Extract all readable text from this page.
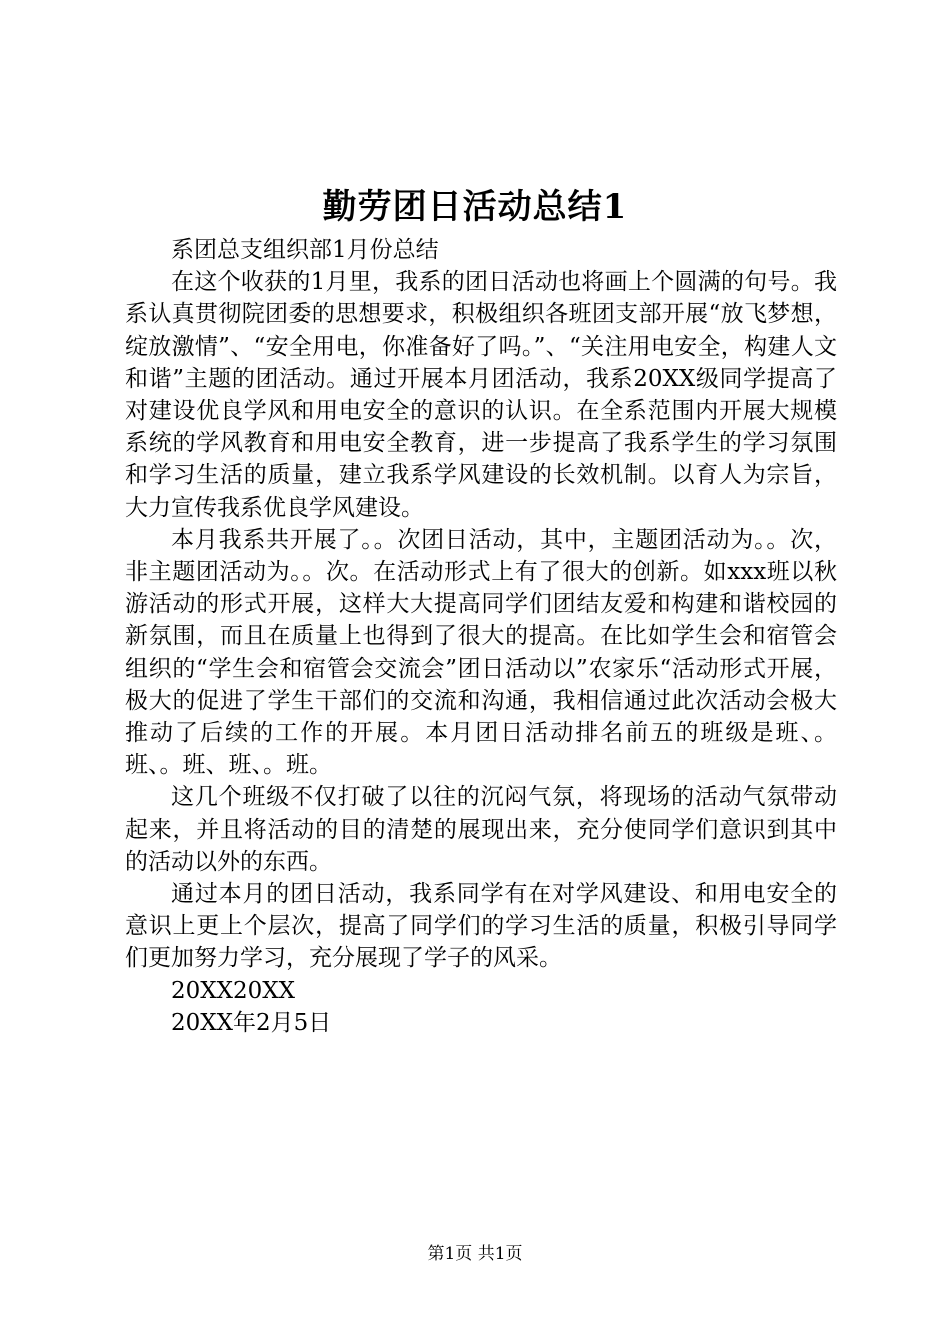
勤劳团日活动总结1

系团总支组织部1月份总结

在这个收获的1月里，我系的团日活动也将画上个圆满的句号。我系认真贯彻院团委的思想要求，积极组织各班团支部开展“放飞梦想，绽放激情”、“安全用电，你准备好了吗。”、“关注用电安全，构建人文和谐”主题的团活动。通过开展本月团活动，我系20XX级同学提高了对建设优良学风和用电安全的意识的认识。在全系范围内开展大规模系统的学风教育和用电安全教育，进一步提高了我系学生的学习氛围和学习生活的质量，建立我系学风建设的长效机制。以育人为宗旨，大力宣传我系优良学风建设。

本月我系共开展了。。次团日活动，其中，主题团活动为。。次，非主题团活动为。。次。在活动形式上有了很大的创新。如xxx班以秋游活动的形式开展，这样大大提高同学们团结友爱和构建和谐校园的新氛围，而且在质量上也得到了很大的提高。在比如学生会和宿管会组织的“学生会和宿管会交流会”团日活动以”农家乐“活动形式开展，极大的促进了学生干部们的交流和沟通，我相信通过此次活动会极大推动了后续的工作的开展。本月团日活动排名前五的班级是班、。班、。班、班、。班。

这几个班级不仅打破了以往的沉闷气氛，将现场的活动气氛带动起来，并且将活动的目的清楚的展现出来，充分使同学们意识到其中的活动以外的东西。

通过本月的团日活动，我系同学有在对学风建设、和用电安全的意识上更上个层次，提高了同学们的学习生活的质量，积极引导同学们更加努力学习，充分展现了学子的风采。

20XX20XX

20XX年2月5日

第1页 共1页
